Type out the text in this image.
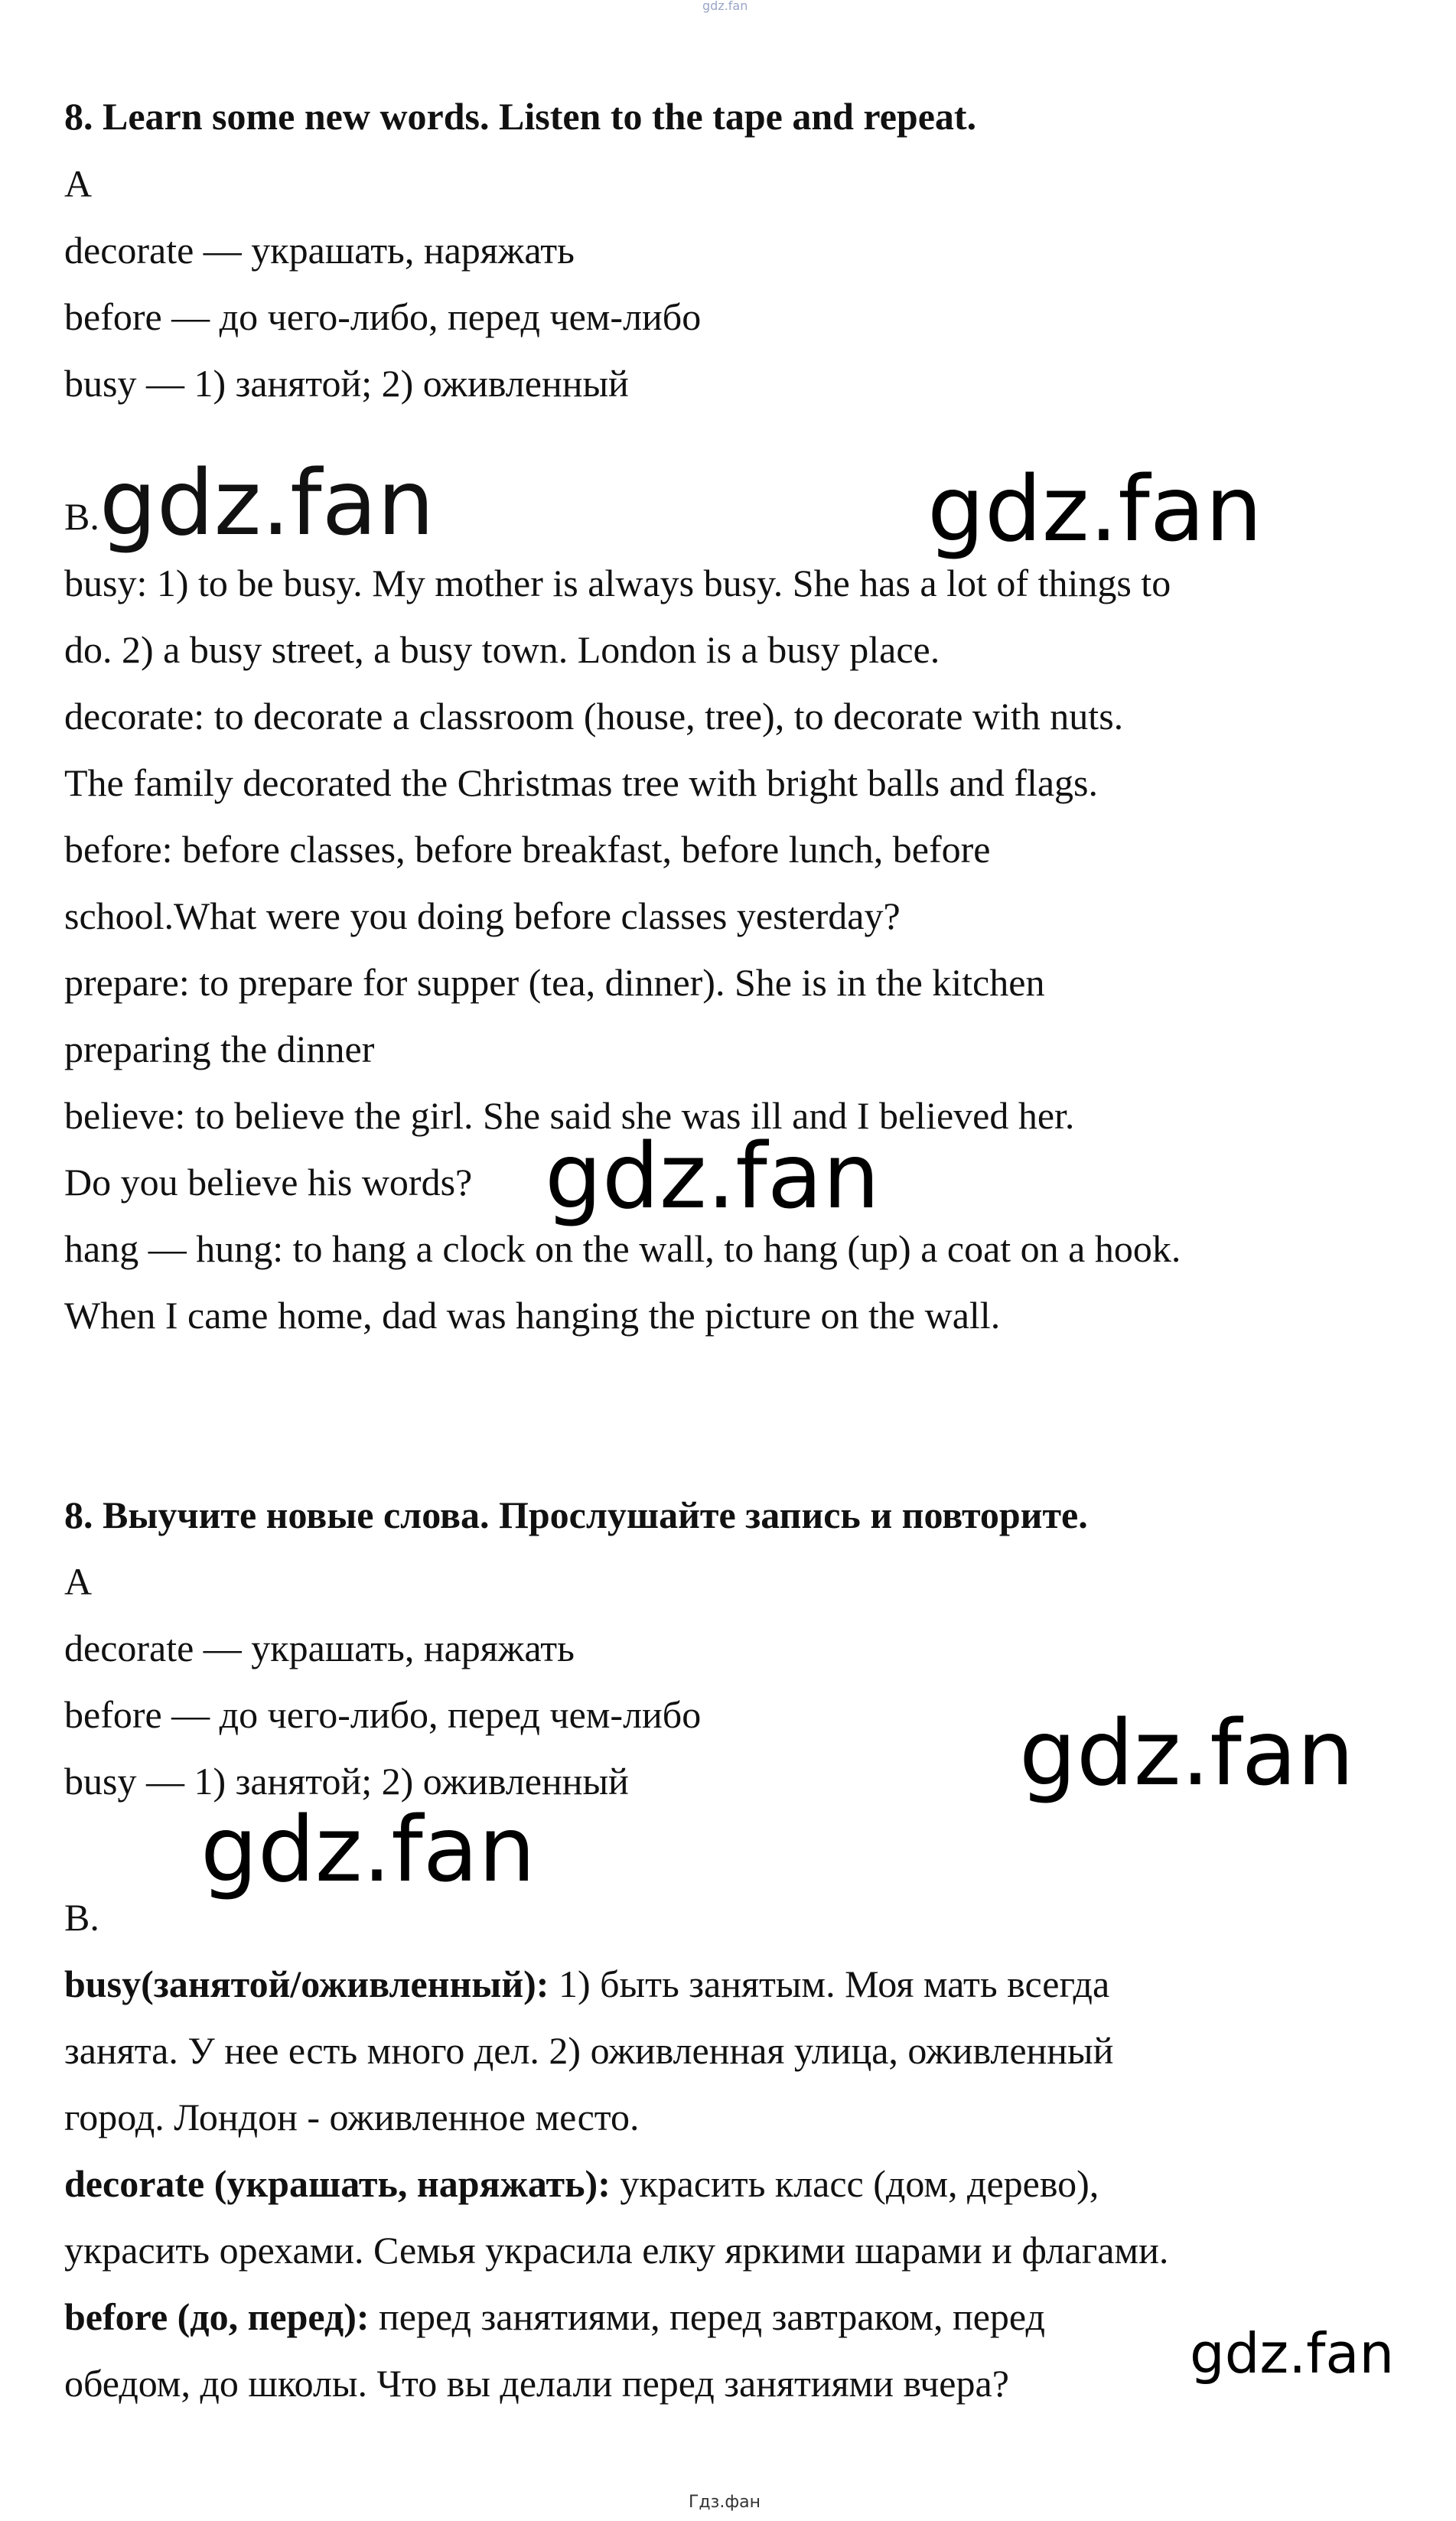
gdz.fan
8. Learn some new words. Listen to the tape and repeat.
A
decorate — украшать, наряжать
before — до чего-либо, перед чем-либо
busy — 1) занятой; 2) оживленный
B.gdz.fan	gdz.fan
busy: 1) to be busy. My mother is always busy. She has a lot of things to
do. 2) a busy street, a busy town. London is a busy place.
decorate: to decorate a classroom (house, tree), to decorate with nuts.
The family decorated the Christmas tree with bright balls and flags.
before: before classes, before breakfast, before lunch, before
school.What were you doing before classes yesterday?
prepare: to prepare for supper (tea, dinner). She is in the kitchen
preparing the dinner
believe: to believe the girl. She said she was ill and I believed her.
Do you believe his words? gdz.fan
hang — hung: to hang a clock on the wall, to hang (up) a coat on a hook.
When I came home, dad was hanging the picture on the wall.
8. Выучите новые слова. Прослушайте запись и повторите.
A
decorate — украшать, наряжать
before — до чего-либо, перед чем-либо	gdz.fan
busy — 1) занятой; 2) оживленный
gdz.fan
B.
busy(занятой/оживленный): 1) быть занятым. Моя мать всегда
занята. У нее есть много дел. 2) оживленная улица, оживленный
город. Лондон - оживленное место.
decorate (украшать, наряжать): украсить класс (дом, дерево),
украсить орехами. Семья украсила елку яркими шарами и флагами.
before (до, перед): перед занятиями, перед завтраком, перед
gdz.fan
обедом, до школы. Что вы делали перед занятиями вчера?
Гдз.фан
